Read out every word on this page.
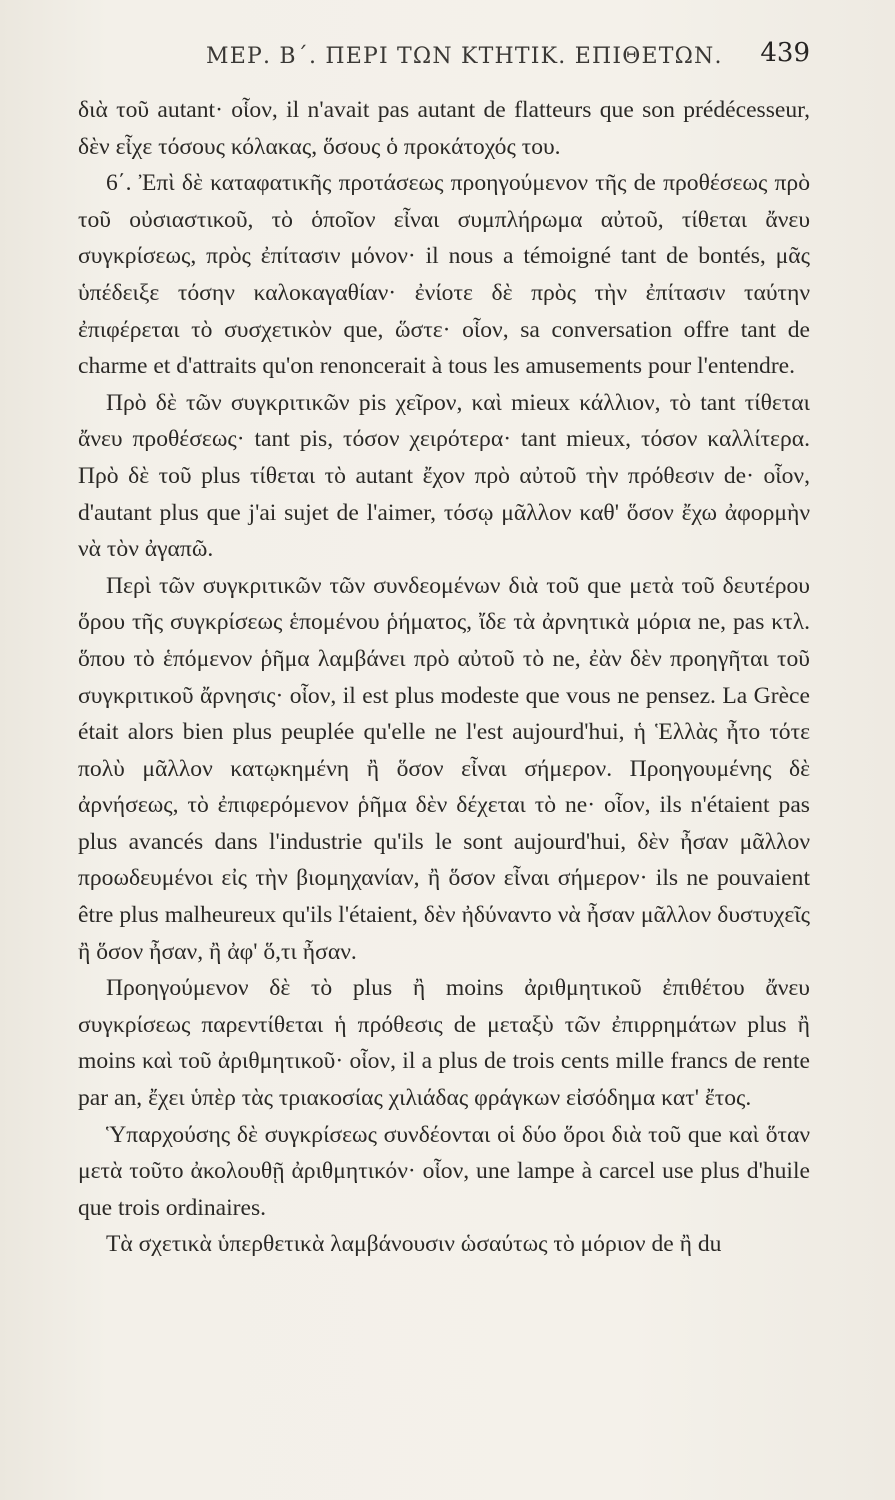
ΜΕΡ. Β΄. ΠΕΡΙ ΤΩΝ ΚΤΗΤΙΚ. ΕΠΙΘΕΤΩΝ. 439

διὰ τοῦ autant· οἷον, il n'avait pas autant de flatteurs que son prédécesseur, δὲν εἶχε τόσους κόλακας, ὅσους ὁ προκάτοχός του.

6΄. Ἐπὶ δὲ καταφατικῆς προτάσεως προηγούμενον τῆς de προθέσεως πρὸ τοῦ οὐσιαστικοῦ, τὸ ὁποῖον εἶναι συμπλήρωμα αὐτοῦ, τίθεται ἄνευ συγκρίσεως, πρὸς ἐπίτασιν μόνον· il nous a témoigné tant de bontés, μᾶς ὑπέδειξε τόσην καλοκαγαθίαν· ἐνίοτε δὲ πρὸς τὴν ἐπίτασιν ταύτην ἐπιφέρεται τὸ συσχετικὸν que, ὥστε· οἷον, sa conversation offre tant de charme et d'attraits qu'on renoncerait à tous les amusements pour l'entendre.

Πρὸ δὲ τῶν συγκριτικῶν pis χεῖρον, καὶ mieux κάλλιον, τὸ tant τίθεται ἄνευ προθέσεως· tant pis, τόσον χειρότερα· tant mieux, τόσον καλλίτερα. Πρὸ δὲ τοῦ plus τίθεται τὸ autant ἔχον πρὸ αὐτοῦ τὴν πρόθεσιν de· οἷον, d'autant plus que j'ai sujet de l'aimer, τόσῳ μᾶλλον καθ' ὅσον ἔχω ἀφορμὴν νὰ τὸν ἀγαπῶ.

Περὶ τῶν συγκριτικῶν τῶν συνδεομένων διὰ τοῦ que μετὰ τοῦ δευτέρου ὅρου τῆς συγκρίσεως ἑπομένου ῥήματος, ἴδε τὰ ἀρνητικὰ μόρια ne, pas κτλ. ὅπου τὸ ἑπόμενον ῥῆμα λαμβάνει πρὸ αὐτοῦ τὸ ne, ἐὰν δὲν προηγῆται τοῦ συγκριτικοῦ ἄρνησις· οἷον, il est plus modeste que vous ne pensez. La Grèce était alors bien plus peuplée qu'elle ne l'est aujourd'hui, ἡ Ἑλλὰς ἦτο τότε πολὺ μᾶλλον κατῳκημένη ἢ ὅσον εἶναι σήμερον. Προηγουμένης δὲ ἀρνήσεως, τὸ ἐπιφερόμενον ῥῆμα δὲν δέχεται τὸ ne· οἷον, ils n'étaient pas plus avancés dans l'industrie qu'ils le sont aujourd'hui, δὲν ἦσαν μᾶλλον προωδευμένοι εἰς τὴν βιομηχανίαν, ἢ ὅσον εἶναι σήμερον· ils ne pouvaient être plus malheureux qu'ils l'étaient, δὲν ἠδύναντο νὰ ἦσαν μᾶλλον δυστυχεῖς ἢ ὅσον ἦσαν, ἢ ἀφ' ὅ,τι ἦσαν.

Προηγούμενον δὲ τὸ plus ἢ moins ἀριθμητικοῦ ἐπιθέτου ἄνευ συγκρίσεως παρεντίθεται ἡ πρόθεσις de μεταξὺ τῶν ἐπιρρημάτων plus ἢ moins καὶ τοῦ ἀριθμητικοῦ· οἷον, il a plus de trois cents mille francs de rente par an, ἔχει ὑπὲρ τὰς τριακοσίας χιλιάδας φράγκων εἰσόδημα κατ' ἔτος.

Ὑπαρχούσης δὲ συγκρίσεως συνδέονται οἱ δύο ὅροι διὰ τοῦ que καὶ ὅταν μετὰ τοῦτο ἀκολουθῇ ἀριθμητικόν· οἷον, une lampe à carcel use plus d'huile que trois ordinaires.

Τὰ σχετικὰ ὑπερθετικὰ λαμβάνουσιν ὡσαύτως τὸ μόριον de ἢ du
